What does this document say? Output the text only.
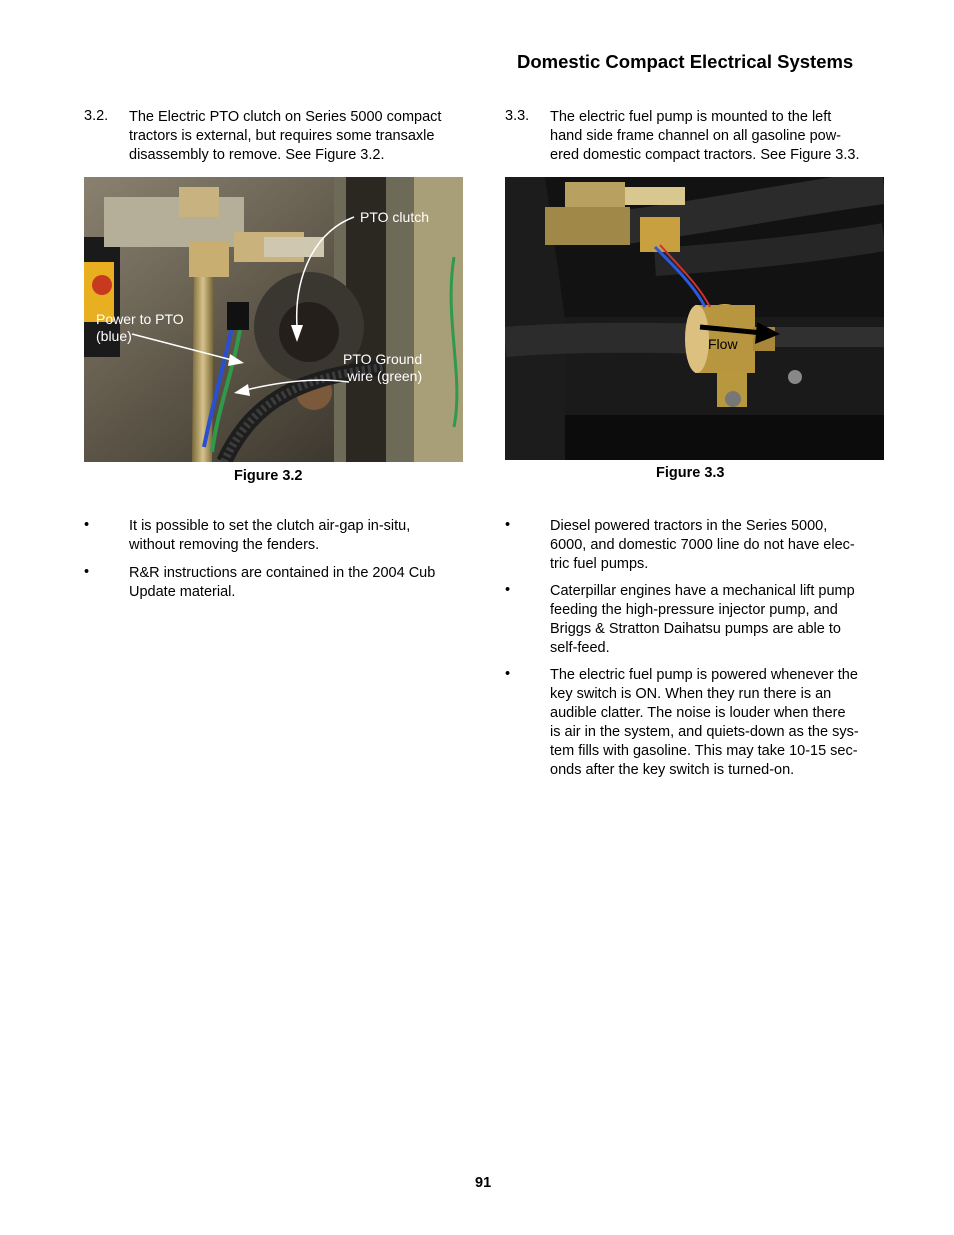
Domestic Compact Electrical Systems
3.2. The Electric PTO clutch on Series 5000 compact
tractors is external, but requires some transaxle
disassembly to remove. See Figure 3.2.
PTO clutch
Power to PTO
(blue)
PTO Ground
wire (green)
Figure 3.2
•	It is possible to set the clutch air-gap in-situ,
without removing the fenders.
•	R&R instructions are contained in the 2004 Cub
Update material.
3.3. The electric fuel pump is mounted to the left
hand side frame channel on all gasoline pow-
ered domestic compact tractors. See Figure 3.3.
Flow
Figure 3.3
•	Diesel powered tractors in the Series 5000,
6000, and domestic 7000 line do not have elec-
tric fuel pumps.
•	Caterpillar engines have a mechanical lift pump
feeding the high-pressure injector pump, and
Briggs & Stratton Daihatsu pumps are able to
self-feed.
•	The electric fuel pump is powered whenever the
key switch is ON. When they run there is an
audible clatter. The noise is louder when there
is air in the system, and quiets-down as the sys-
tem fills with gasoline. This may take 10-15 sec-
onds after the key switch is turned-on.
91
